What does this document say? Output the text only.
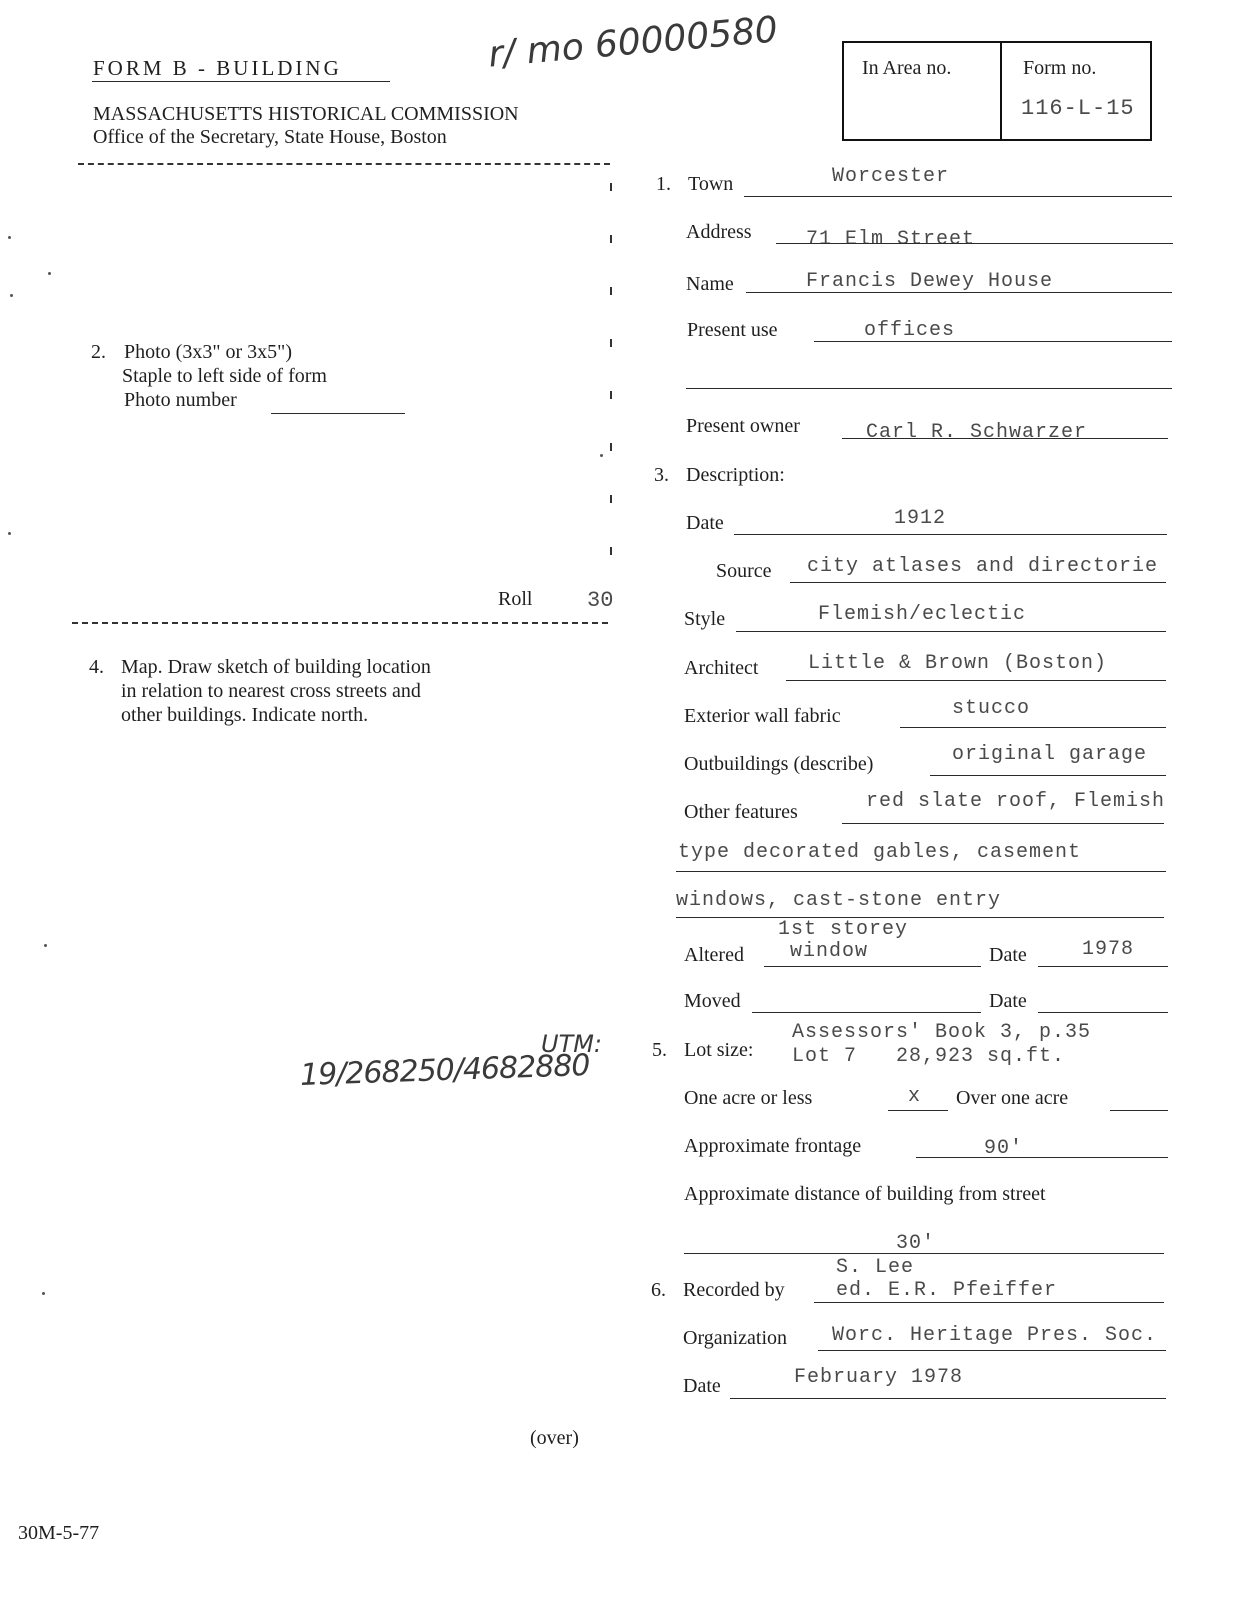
FORM B - BUILDING
MASSACHUSETTS HISTORICAL COMMISSION
Office of the Secretary, State House, Boston
r/ mo 60000580	In Area no.	Form no.
116-L-15
2. Photo (3x3" or 3x5")
Staple to left side of form
Photo number
Roll 30
4. Map. Draw sketch of building location
in relation to nearest cross streets and
other buildings. Indicate north.
UTM:
19/268250/4682880
(over)
30M-5-77
1. Town	Worcester
Address	71 Elm Street
Name	Francis Dewey House
Present use	offices
Present owner	Carl R. Schwarzer
3. Description:
Date	1912
Source city atlases and directorie
Style	Flemish/eclectic
Architect Little & Brown (Boston)
Exterior wall fabric	stucco
Outbuildings (describe)	original garage
Other features	red slate roof, Flemish
type decorated gables, casement
windows, cast-stone entry
1st storey
Altered window	Date	1978
Moved	Date
5. Lot size:
Assessors' Book 3, p.35
Lot 7   28,923 sq.ft.
One acre or less	x Over one acre
Approximate frontage	90'
Approximate distance of building from street
30'
S. Lee
6. Recorded by	ed. E.R. Pfeiffer
Organization Worc. Heritage Pres. Soc.
Date	February 1978
